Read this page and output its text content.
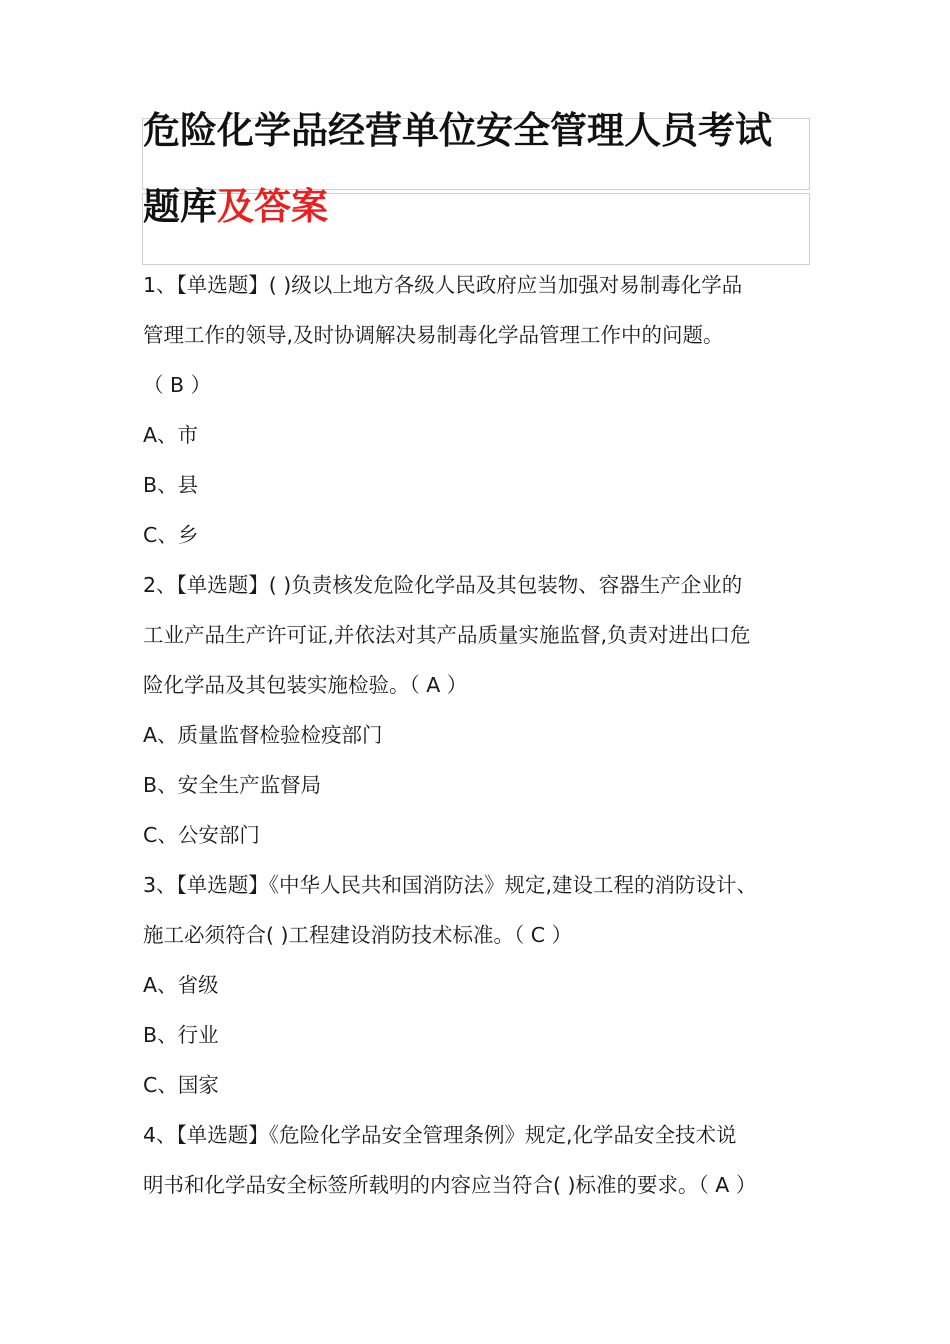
危险化学品经营单位安全管理人员考试
题库及答案
1、【单选题】( )级以上地方各级人民政府应当加强对易制毒化学品
管理工作的领导,及时协调解决易制毒化学品管理工作中的问题。
（ B ）
A、市
B、县
C、乡
2、【单选题】( )负责核发危险化学品及其包装物、容器生产企业的
工业产品生产许可证,并依法对其产品质量实施监督,负责对进出口危
险化学品及其包装实施检验。（ A ）
A、质量监督检验检疫部门
B、安全生产监督局
C、公安部门
3、【单选题】《中华人民共和国消防法》规定,建设工程的消防设计、
施工必须符合( )工程建设消防技术标准。（ C ）
A、省级
B、行业
C、国家
4、【单选题】《危险化学品安全管理条例》规定,化学品安全技术说
明书和化学品安全标签所载明的内容应当符合( )标准的要求。（ A ）
